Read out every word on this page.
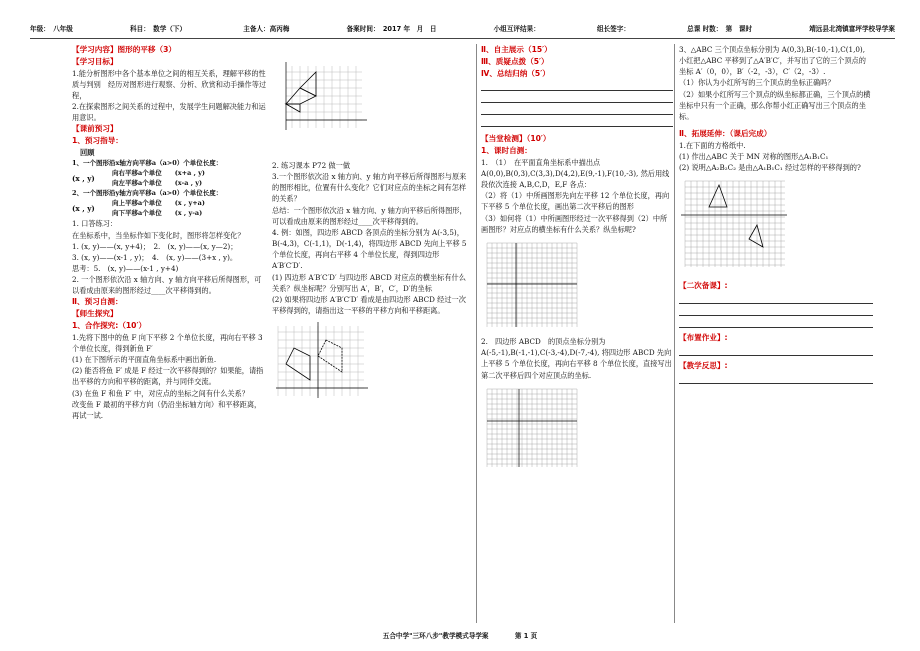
年级：　八年级	科目：　数学（下）	主备人：高丙梅	备案时间：　2017 年　月　日	小组互评结果：	组长签字：	总课 时数：　第　课时	靖远县北湾镇富坪学校导学案

【学习内容】图形的平移（3）

【学习目标】

1.能分析图形中各个基本单位之间的相互关系，理解平移的性质与判别　经历对图形进行观察、分析、欣赏和动手操作等过程，

2.在探索图形之间关系的过程中，发展学生问题解决能力和运用意识。

【课前预习】

1、预习指导：

回顾

1、一个图形沿x轴方向平移a（a>0）个单位长度：

(x , y)
向右平移a个单位　　(x+a , y)
向左平移a个单位　　(x-a , y)

2、一个图形沿y轴方向平移a（a>0）个单位长度：

(x , y)
向上平移a个单位　　(x , y+a)
向下平移a个单位　　(x , y-a)

1. 口答练习：

在坐标系中，当坐标作如下变化时，图形将怎样变化？

1. (x, y)——(x, y+4)；　2.　(x, y)——(x, y—2)；

3. (x, y)——(x-1 , y)；　4.　(x, y)——(3+x , y)。

思考：5.　(x, y)——(x-1 , y+4)

2. 一个图形依次沿 x 轴方向、y 轴方向平移后所得图形，可以看成由原来的图形经过____次平移得到的。

Ⅱ、预习自测：

【师生探究】

1、合作探究:（10′）

1.先将下图中的鱼 F 向下平移 2 个单位长度，再向右平移 3 个单位长度，得到新鱼 F′

(1) 在下图所示的平面直角坐标系中画出新鱼.

(2) 能否将鱼 F′ 成是 F 经过一次平移得到的？如果能，请指出平移的方向和平移的距离，并与同伴交流。

(3) 在鱼 F 和鱼 F′ 中，对应点的坐标之间有什么关系？

改变鱼 F 最初的平移方向（仍沿坐标轴方向）和平移距离，再试一试.

2. 练习课本 P72 做一做

3.一个图形依次沿 x 轴方向、y 轴方向平移后所得图形与原来的图形相比，位置有什么变化？它们对应点的坐标之间有怎样的关系？

总结：一个图形依次沿 x 轴方向、y 轴方向平移后所得图形，可以看成由原来的图形经过____次平移得到的。

4. 例：如图，四边形 ABCD 各顶点的坐标分别为 A(-3,5)，B(-4,3)，C(-1,1)，D(-1,4)，将四边形 ABCD 先向上平移 5 个单位长度，再向右平移 4 个单位长度，得到四边形 A′B′C′D′.

(1) 四边形 A′B′C′D′ 与四边形 ABCD 对应点的横坐标有什么关系？纵坐标呢？分别写出 A′，B′，C′，D′的坐标

(2) 如果将四边形 A′B′C′D′ 看成是由四边形 ABCD 经过一次平移得到的，请指出这一平移的平移方向和平移距离。

Ⅱ、自主展示（15′）

Ⅲ、质疑点拨（5′）

Ⅳ、总结归纳（5′）

【当堂检测】（10′）

1、课时自测：

1.　（1）　在平面直角坐标系中描出点 A(0,0),B(0,3),C(3,3),D(4,2),E(9,-1),F(10,-3), 然后用线段依次连接 A,B,C,D，E,F 各点：

（2）将（1）中所画图形先向左平移 12 个单位长度，再向下平移 5 个单位长度，画出第二次平移后的图形

（3）如何将（1）中所画图形经过一次平移得到（2）中所画图形？对应点的横坐标有什么关系？纵坐标呢?

2.　四边形 ABCD　的顶点坐标分别为 A(-5,-1),B(-1,-1),C(-3,-4),D(-7,-4), 将四边形 ABCD 先向上平移 5 个单位长度，再向右平移 8 个单位长度，直接写出第二次平移后四个对应顶点的坐标.

3、△ABC 三个顶点坐标分别为 A(0,3),B(-10,-1),C(1,0), 小红把△ABC 平移到了△A′B′C′，并写出了它的三个顶点的坐标 A′（0，0），B′（-2，-3），C′（2，-3）.

（1）你认为小红所写的三个顶点的坐标正确吗？

（2）如果小红所写三个顶点的纵坐标都正确，三个顶点的横坐标中只有一个正确，那么你帮小红正确写出三个顶点的坐标。

Ⅱ、拓展延伸：（课后完成）

1.在下面的方格纸中.

(1) 作出△ABC 关于 MN 对称的图形△A₁B₁C₁

(2) 说明△A₂B₂C₂ 是由△A₁B₁C₁ 经过怎样的平移得到的?

【二次备课】:

【布置作业】:

【教学反思】:

五合中学"三环八步"教学模式导学案　　　　第 1 页
